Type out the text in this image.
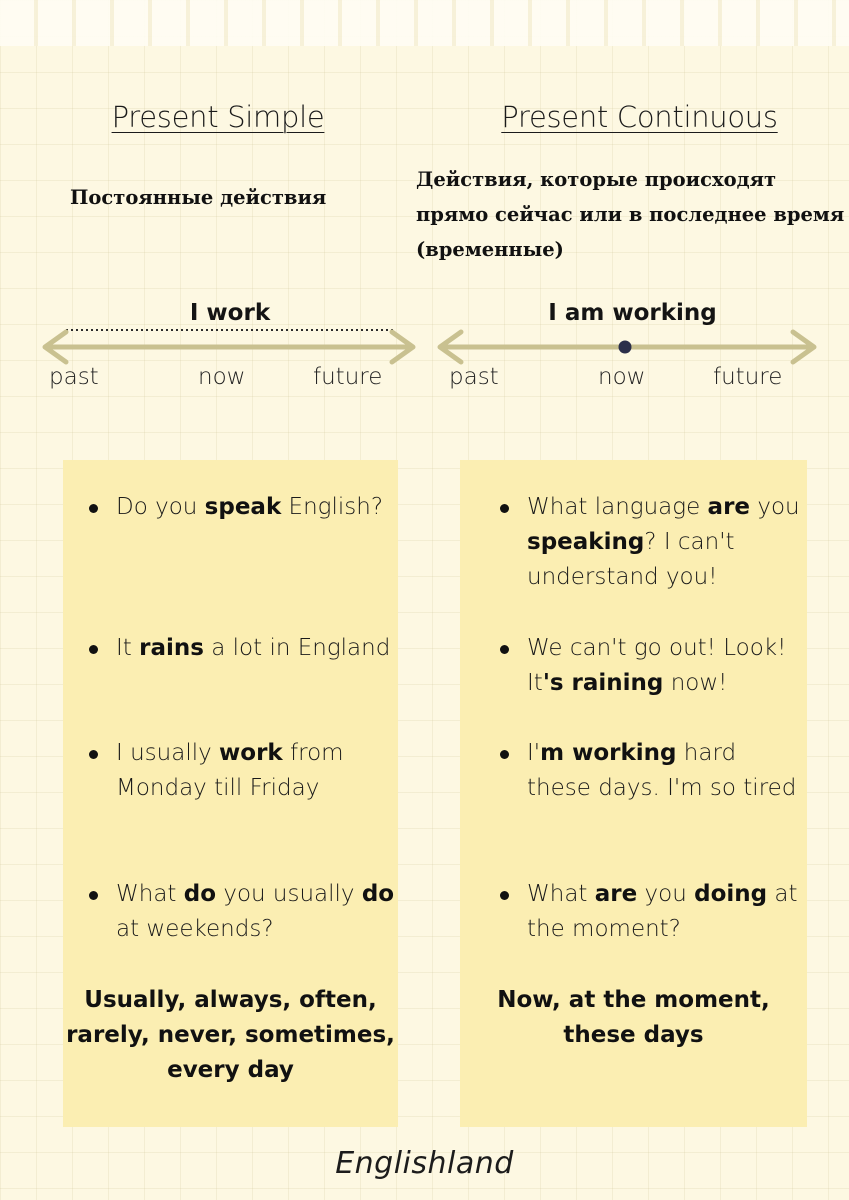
Present Simple
Постоянные действия
I work
past	now	future
Do you speak English?
It rains a lot in England
I usually work from Monday till Friday
What do you usually do at weekends?
Usually, always, often, rarely, never, sometimes, every day
Present Continuous
Действия, которые происходят прямо сейчас или в последнее время (временные)
I am working
past	now	future
What language are you speaking? I can't understand you!
We can't go out! Look! It's raining now!
I'm working hard these days. I'm so tired
What are you doing at the moment?
Now, at the moment, these days
Englishland
